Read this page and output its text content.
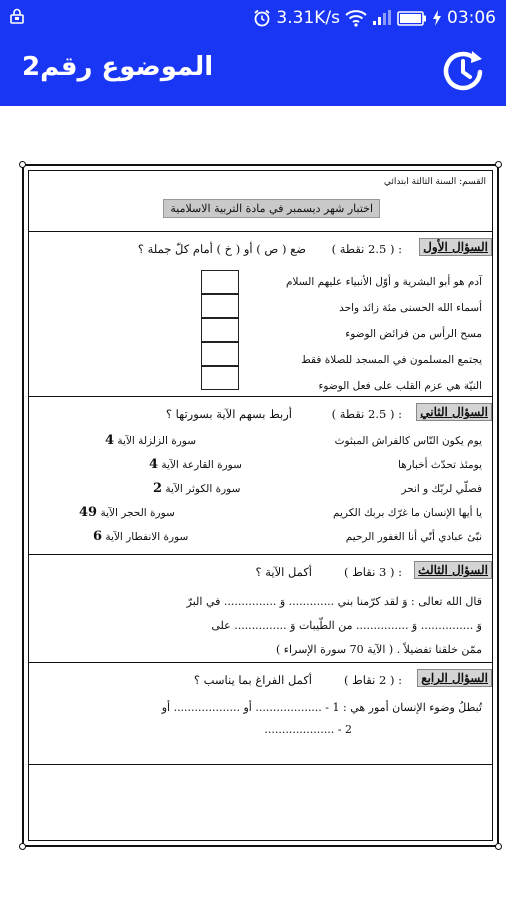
3.31K/s	03:06
الموضوع رقم2
القسم: السنة الثالثة ابتدائي
اختبار شهر ديسمبر في مادة التربية الاسلامية
السؤال الأول
: ( 2.5 نقطة )
ضع ( ص ) أو ( خ ) أمام كلّ جملة ؟
آدم هو أبو البشرية و أوّل الأنبياء عليهم السلام
أسماء الله الحسنى مئة زائد واحد
مسح الرأس من فرائض الوضوء
يجتمع المسلمون في المسجد للصلاة فقط
النيّة هي عزم القلب على فعل الوضوء
السؤال الثاني
: ( 2.5 نقطة )
أربط بسهم الآية بسورتها ؟
يوم يكون النّاس كالفراش المبثوث
يومئذ تحدّث أخبارها
فصلّي لربّك و انحر
يا أيها الإنسان ما غرّك بربك الكريم
نبّئ عبادي أنّي أنا الغفور الرحيم
سورة الزلزلة الآية 4
سورة القارعة الآية 4
سورة الكوثر الآية 2
سورة الحجر الآية 49
سورة الانفطار الآية 6
السؤال الثالث
: ( 3 نقاط )
أكمل الآية ؟
قال الله تعالى : وَ لقد كرّمنا بني ............. وَ ............... في البرّ
وَ ............... وَ ............... من الطّيبات وَ ............... على
ممّن خلقنا تفضيلاً . ( الآية 70 سورة الإسراء )
السؤال الرابع
: ( 2 نقاط )
أكمل الفراغ بما يناسب ؟
تُبطلُ وضوء الإنسان أمور هي : 1 - ................... أو ................... أو
2 - ....................
